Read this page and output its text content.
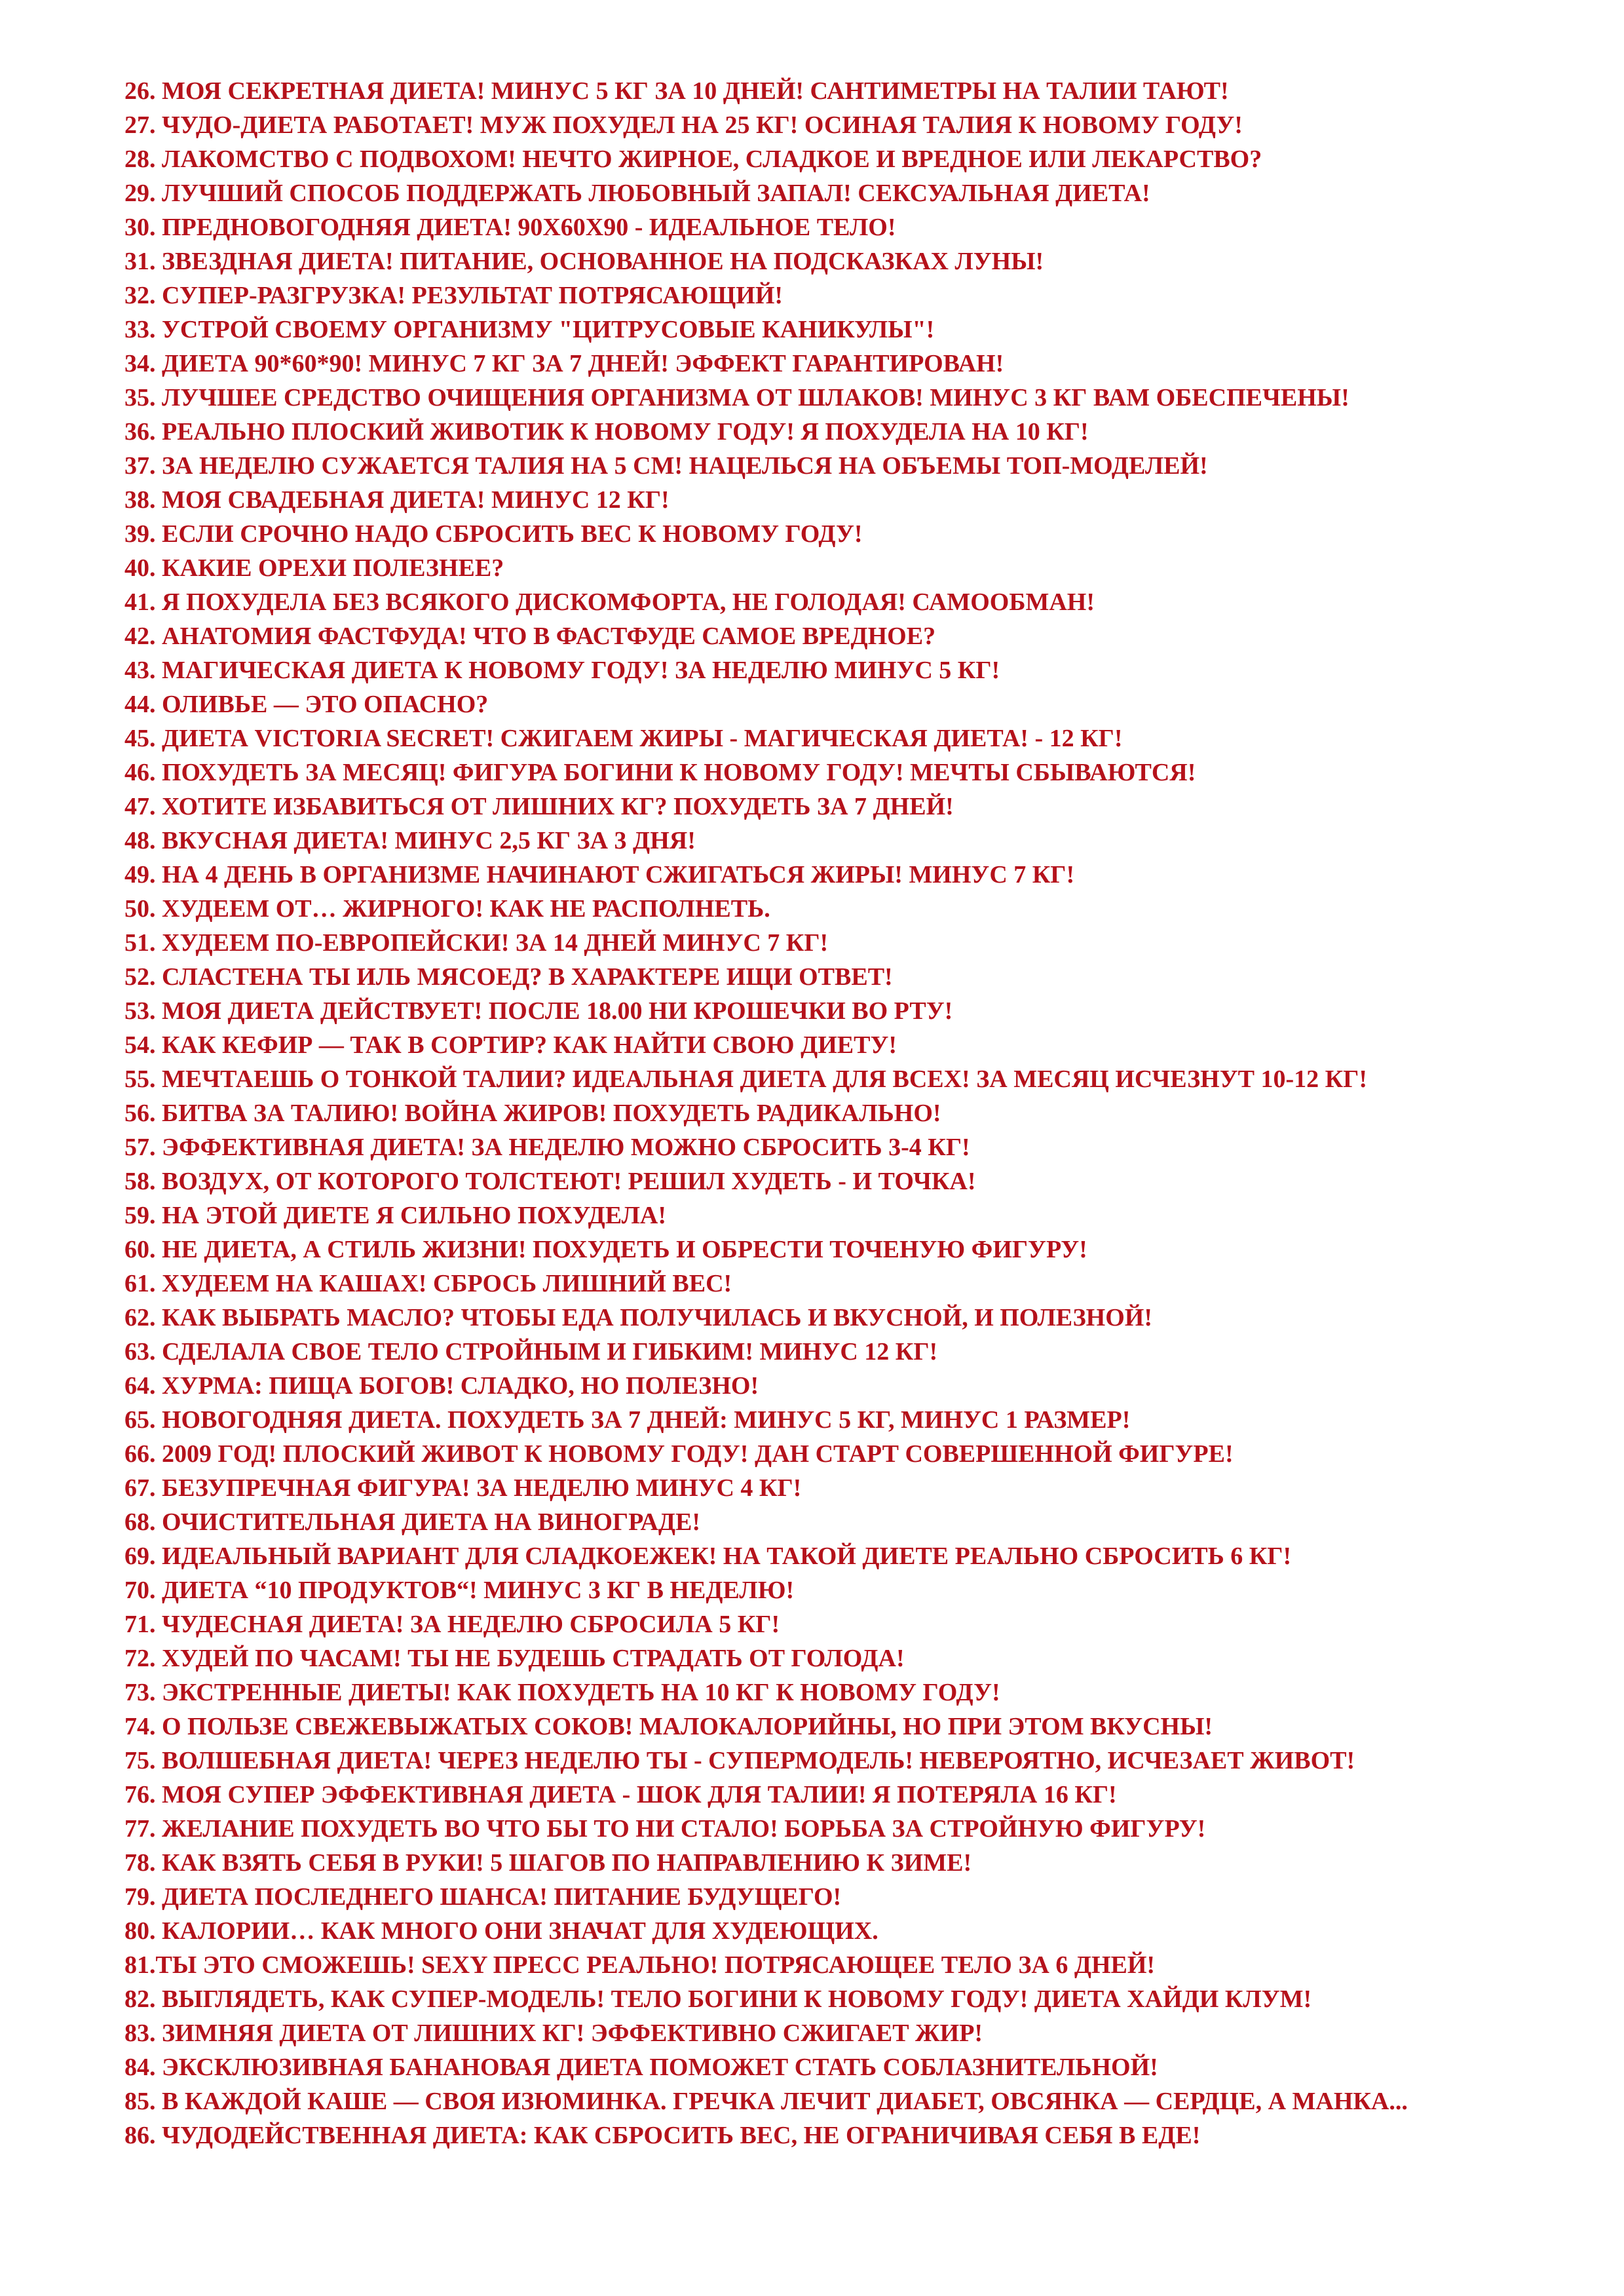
26. МОЯ СЕКРЕТНАЯ ДИЕТА! МИНУС 5 КГ ЗА 10 ДНЕЙ! САНТИМЕТРЫ НА ТАЛИИ ТАЮТ!
27. ЧУДО-ДИЕТА РАБОТАЕТ! МУЖ ПОХУДЕЛ НА 25 КГ! ОСИНАЯ ТАЛИЯ К НОВОМУ ГОДУ!
28. ЛАКОМСТВО С ПОДВОХОМ! НЕЧТО ЖИРНОЕ, СЛАДКОЕ И ВРЕДНОЕ ИЛИ ЛЕКАРСТВО?
29. ЛУЧШИЙ СПОСОБ ПОДДЕРЖАТЬ ЛЮБОВНЫЙ ЗАПАЛ! СЕКСУАЛЬНАЯ ДИЕТА!
30. ПРЕДНОВОГОДНЯЯ ДИЕТА! 90Х60Х90 - ИДЕАЛЬНОЕ ТЕЛО!
31. ЗВЕЗДНАЯ ДИЕТА! ПИТАНИЕ, ОСНОВАННОЕ НА ПОДСКАЗКАХ ЛУНЫ!
32. СУПЕР-РАЗГРУЗКА! РЕЗУЛЬТАТ ПОТРЯСАЮЩИЙ!
33. УСТРОЙ СВОЕМУ ОРГАНИЗМУ "ЦИТРУСОВЫЕ КАНИКУЛЫ"!
34. ДИЕТА 90*60*90! МИНУС 7 КГ ЗА 7 ДНЕЙ! ЭФФЕКТ ГАРАНТИРОВАН!
35. ЛУЧШЕЕ СРЕДСТВО ОЧИЩЕНИЯ ОРГАНИЗМА ОТ ШЛАКОВ! МИНУС 3 КГ ВАМ ОБЕСПЕЧЕНЫ!
36. РЕАЛЬНО ПЛОСКИЙ ЖИВОТИК К НОВОМУ ГОДУ! Я ПОХУДЕЛА НА 10 КГ!
37. ЗА НЕДЕЛЮ СУЖАЕТСЯ ТАЛИЯ НА 5 СМ! НАЦЕЛЬСЯ НА ОБЪЕМЫ ТОП-МОДЕЛЕЙ!
38. МОЯ СВАДЕБНАЯ ДИЕТА! МИНУС 12 КГ!
39. ЕСЛИ СРОЧНО НАДО СБРОСИТЬ ВЕС К НОВОМУ ГОДУ!
40. КАКИЕ ОРЕХИ ПОЛЕЗНЕЕ?
41. Я ПОХУДЕЛА БЕЗ ВСЯКОГО ДИСКОМФОРТА, НЕ ГОЛОДАЯ! САМООБМАН!
42. АНАТОМИЯ ФАСТФУДА! ЧТО В ФАСТФУДЕ САМОЕ ВРЕДНОЕ?
43. МАГИЧЕСКАЯ ДИЕТА К НОВОМУ ГОДУ! ЗА НЕДЕЛЮ МИНУС 5 КГ!
44. ОЛИВЬЕ — ЭТО ОПАСНО?
45. ДИЕТА VICTORIA SECRET! СЖИГАЕМ ЖИРЫ - МАГИЧЕСКАЯ ДИЕТА! - 12 КГ!
46. ПОХУДЕТЬ ЗА МЕСЯЦ! ФИГУРА БОГИНИ К НОВОМУ ГОДУ! МЕЧТЫ СБЫВАЮТСЯ!
47. ХОТИТЕ ИЗБАВИТЬСЯ ОТ ЛИШНИХ КГ? ПОХУДЕТЬ ЗА 7 ДНЕЙ!
48. ВКУСНАЯ ДИЕТА! МИНУС 2,5 КГ ЗА 3 ДНЯ!
49. НА 4 ДЕНЬ В ОРГАНИЗМЕ НАЧИНАЮТ СЖИГАТЬСЯ ЖИРЫ! МИНУС 7 КГ!
50. ХУДЕЕМ ОТ… ЖИРНОГО! КАК НЕ РАСПОЛНЕТЬ.
51. ХУДЕЕМ ПО-ЕВРОПЕЙСКИ! ЗА 14 ДНЕЙ МИНУС 7 КГ!
52. СЛАСТЕНА ТЫ ИЛЬ МЯСОЕД? В ХАРАКТЕРЕ ИЩИ ОТВЕТ!
53. МОЯ ДИЕТА ДЕЙСТВУЕТ! ПОСЛЕ 18.00 НИ КРОШЕЧКИ ВО РТУ!
54. КАК КЕФИР — ТАК В СОРТИР? КАК НАЙТИ СВОЮ ДИЕТУ!
55. МЕЧТАЕШЬ О ТОНКОЙ ТАЛИИ? ИДЕАЛЬНАЯ ДИЕТА ДЛЯ ВСЕХ! ЗА МЕСЯЦ ИСЧЕЗНУТ 10-12 КГ!
56. БИТВА ЗА ТАЛИЮ! ВОЙНА ЖИРОВ! ПОХУДЕТЬ РАДИКАЛЬНО!
57. ЭФФЕКТИВНАЯ ДИЕТА! ЗА НЕДЕЛЮ МОЖНО СБРОСИТЬ 3-4 КГ!
58. ВОЗДУХ, ОТ КОТОРОГО ТОЛСТЕЮТ! РЕШИЛ ХУДЕТЬ - И ТОЧКА!
59. НА ЭТОЙ ДИЕТЕ Я СИЛЬНО ПОХУДЕЛА!
60. НЕ ДИЕТА, А СТИЛЬ ЖИЗНИ! ПОХУДЕТЬ И ОБРЕСТИ ТОЧЕНУЮ ФИГУРУ!
61. ХУДЕЕМ НА КАШАХ! СБРОСЬ ЛИШНИЙ ВЕС!
62. КАК ВЫБРАТЬ МАСЛО? ЧТОБЫ ЕДА ПОЛУЧИЛАСЬ И ВКУСНОЙ, И ПОЛЕЗНОЙ!
63. СДЕЛАЛА СВОЕ ТЕЛО СТРОЙНЫМ И ГИБКИМ! МИНУС 12 КГ!
64. ХУРМА: ПИЩА БОГОВ! СЛАДКО, НО ПОЛЕЗНО!
65. НОВОГОДНЯЯ ДИЕТА. ПОХУДЕТЬ ЗА 7 ДНЕЙ: МИНУС 5 КГ, МИНУС 1 РАЗМЕР!
66. 2009 ГОД! ПЛОСКИЙ ЖИВОТ К НОВОМУ ГОДУ! ДАН СТАРТ СОВЕРШЕННОЙ ФИГУРЕ!
67. БЕЗУПРЕЧНАЯ ФИГУРА! ЗА НЕДЕЛЮ МИНУС 4 КГ!
68. ОЧИСТИТЕЛЬНАЯ ДИЕТА НА ВИНОГРАДЕ!
69. ИДЕАЛЬНЫЙ ВАРИАНТ ДЛЯ СЛАДКОЕЖЕК! НА ТАКОЙ ДИЕТЕ РЕАЛЬНО СБРОСИТЬ 6 КГ!
70. ДИЕТА “10 ПРОДУКТОВ“! МИНУС 3 КГ В НЕДЕЛЮ!
71. ЧУДЕСНАЯ ДИЕТА! ЗА НЕДЕЛЮ СБРОСИЛА 5 КГ!
72. ХУДЕЙ ПО ЧАСАМ! ТЫ НЕ БУДЕШЬ СТРАДАТЬ ОТ ГОЛОДА!
73. ЭКСТРЕННЫЕ ДИЕТЫ! КАК ПОХУДЕТЬ НА 10 КГ К НОВОМУ ГОДУ!
74. О ПОЛЬЗЕ СВЕЖЕВЫЖАТЫХ СОКОВ! МАЛОКАЛОРИЙНЫ, НО ПРИ ЭТОМ ВКУСНЫ!
75. ВОЛШЕБНАЯ ДИЕТА! ЧЕРЕЗ НЕДЕЛЮ ТЫ - СУПЕРМОДЕЛЬ! НЕВЕРОЯТНО, ИСЧЕЗАЕТ ЖИВОТ!
76. МОЯ СУПЕР ЭФФЕКТИВНАЯ ДИЕТА - ШОК ДЛЯ ТАЛИИ! Я ПОТЕРЯЛА 16 КГ!
77. ЖЕЛАНИЕ ПОХУДЕТЬ ВО ЧТО БЫ ТО НИ СТАЛО! БОРЬБА ЗА СТРОЙНУЮ ФИГУРУ!
78. КАК ВЗЯТЬ СЕБЯ В РУКИ! 5 ШАГОВ ПО НАПРАВЛЕНИЮ К ЗИМЕ!
79. ДИЕТА ПОСЛЕДНЕГО ШАНСА! ПИТАНИЕ БУДУЩЕГО!
80. КАЛОРИИ… КАК МНОГО ОНИ ЗНАЧАТ ДЛЯ ХУДЕЮЩИХ.
81.ТЫ ЭТО СМОЖЕШЬ! SEXY ПРЕСС РЕАЛЬНО! ПОТРЯСАЮЩЕЕ ТЕЛО ЗА 6 ДНЕЙ!
82. ВЫГЛЯДЕТЬ, КАК СУПЕР-МОДЕЛЬ! ТЕЛО БОГИНИ К НОВОМУ ГОДУ! ДИЕТА ХАЙДИ КЛУМ!
83. ЗИМНЯЯ ДИЕТА ОТ ЛИШНИХ КГ! ЭФФЕКТИВНО СЖИГАЕТ ЖИР!
84. ЭКСКЛЮЗИВНАЯ БАНАНОВАЯ ДИЕТА ПОМОЖЕТ СТАТЬ СОБЛАЗНИТЕЛЬНОЙ!
85. В КАЖДОЙ КАШЕ — СВОЯ ИЗЮМИНКА. ГРЕЧКА ЛЕЧИТ ДИАБЕТ, ОВСЯНКА — СЕРДЦЕ, А МАНКА...
86. ЧУДОДЕЙСТВЕННАЯ ДИЕТА: КАК СБРОСИТЬ ВЕС, НЕ ОГРАНИЧИВАЯ СЕБЯ В ЕДЕ!
